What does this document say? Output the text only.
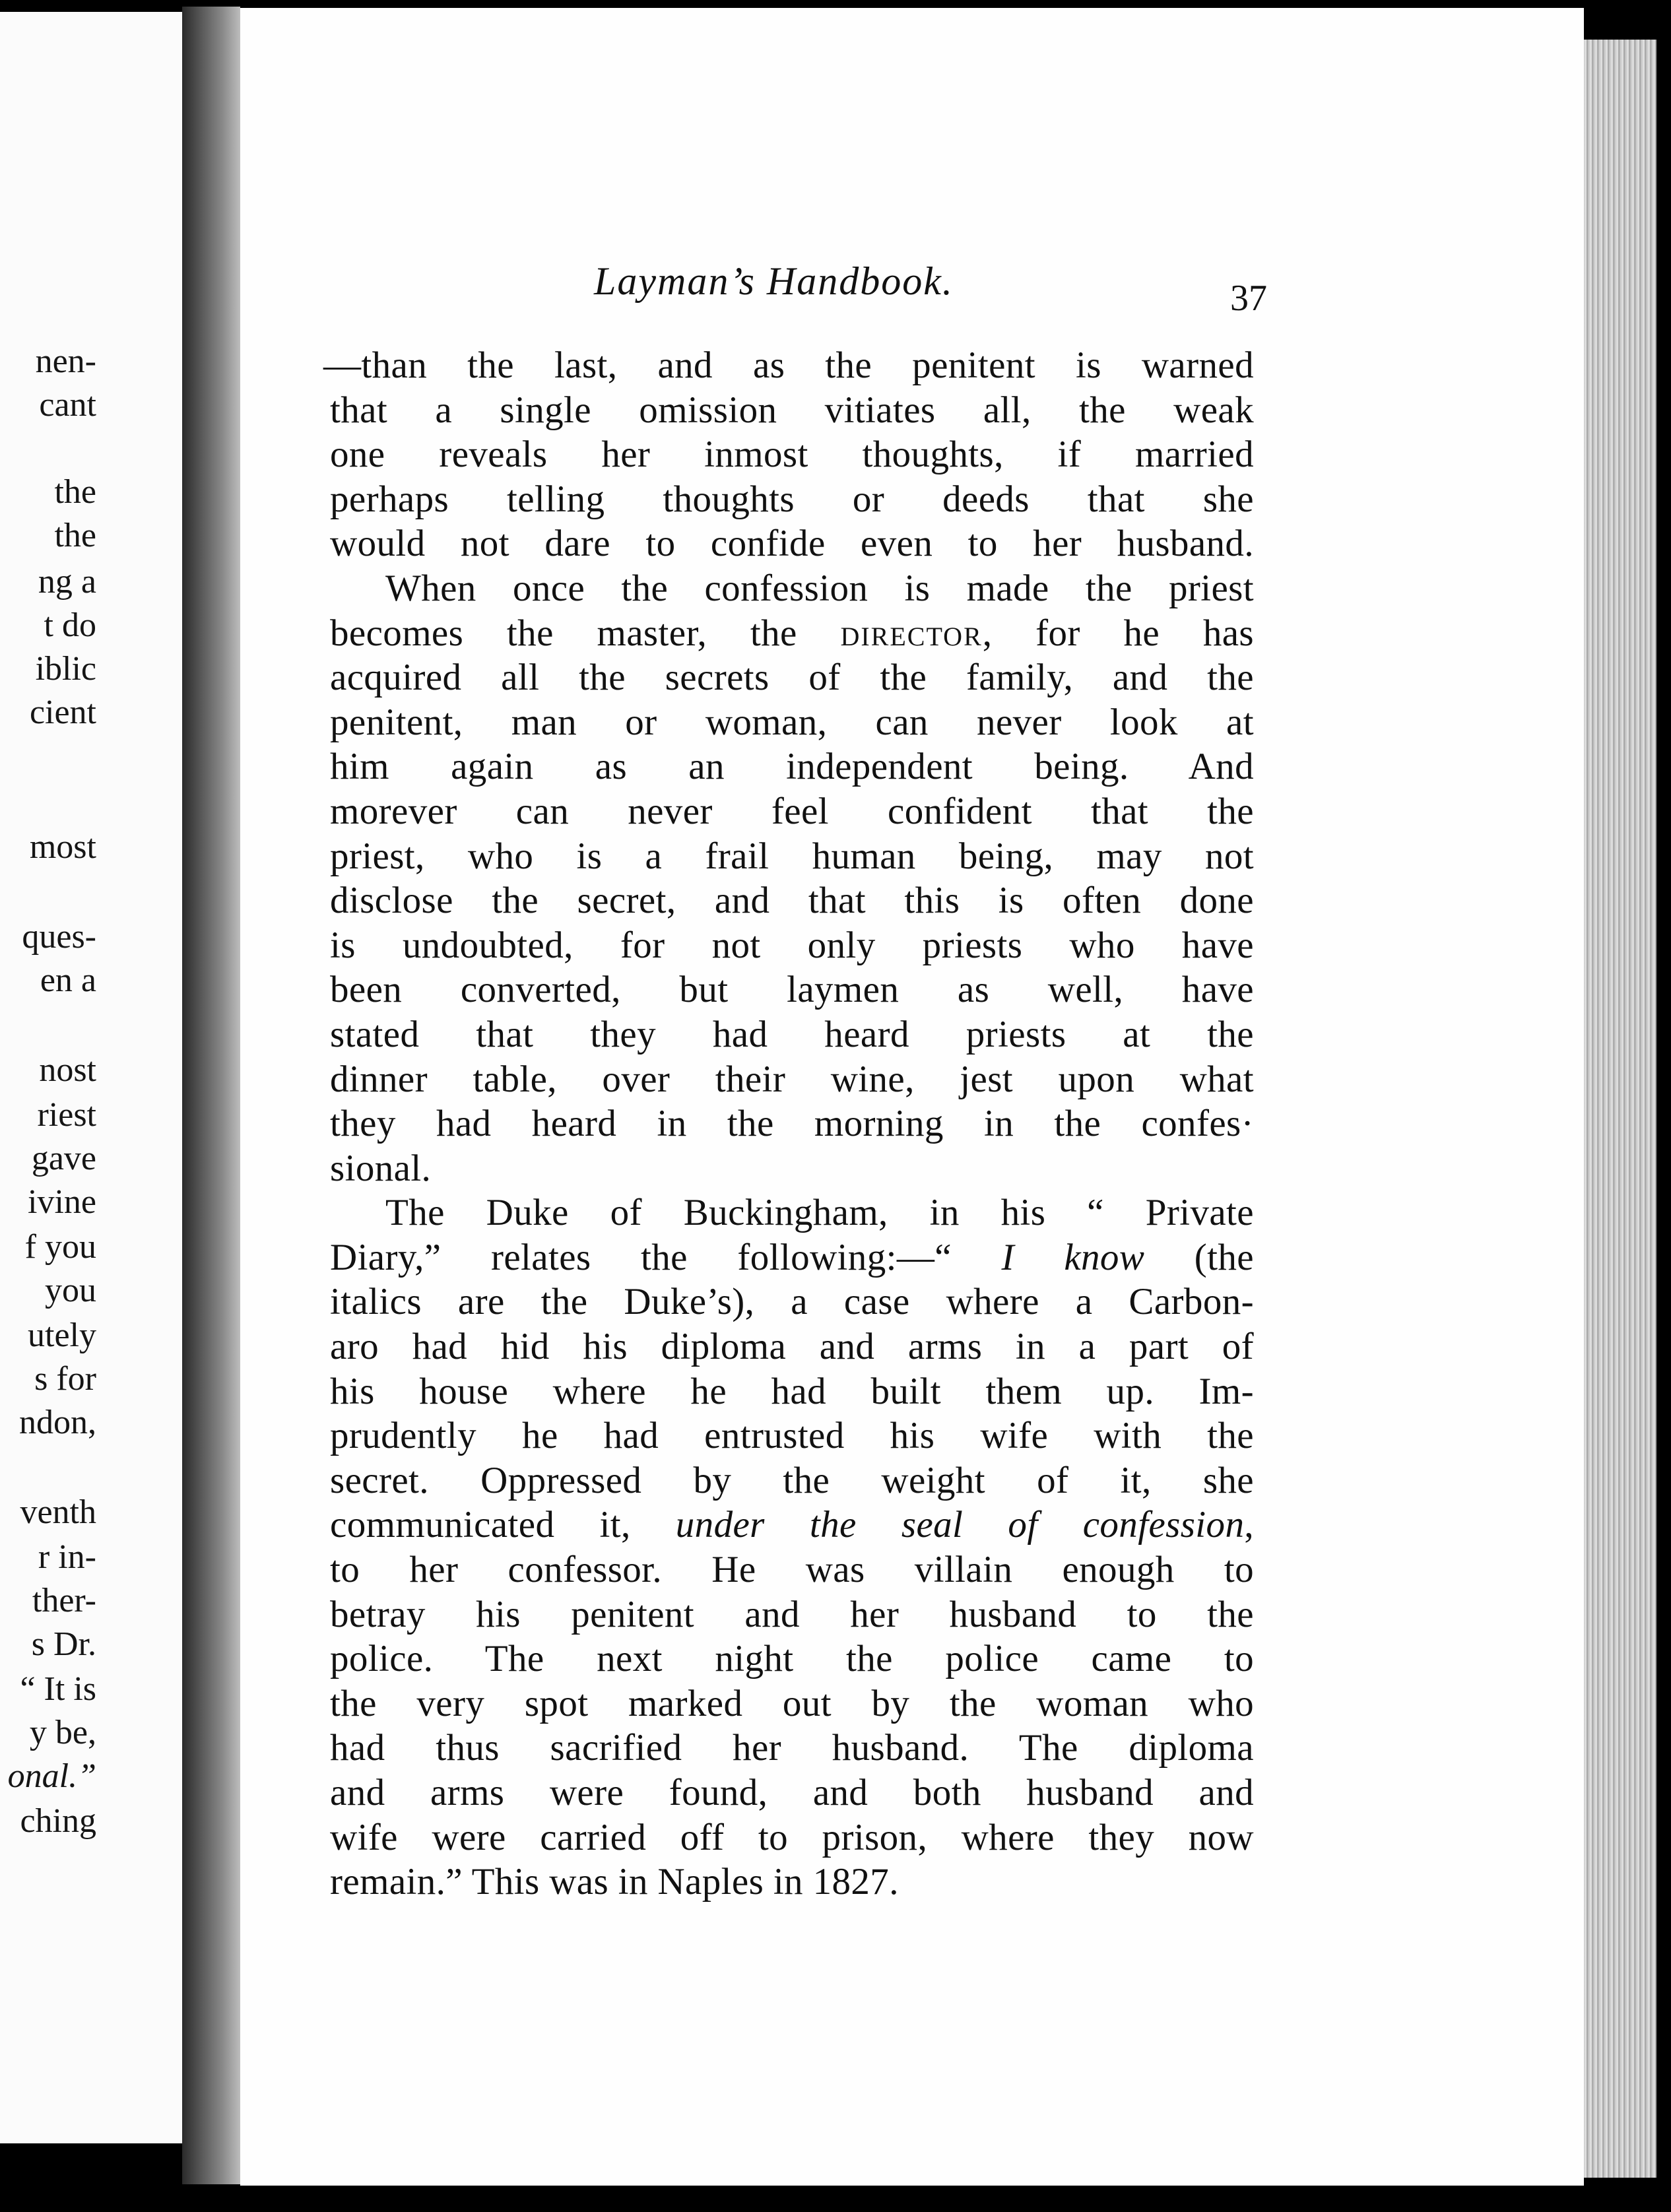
nen-
cant
the
the
ng a
t do
iblic
cient
most
ques-
en a
nost
riest
gave
ivine
f you
you
utely
s for
ndon,
venth
r in-
ther-
s Dr.
“ It is
y be,
onal.”
ching
Layman’s Handbook.	37
—than the last, and as the penitent is warned
that a single omission vitiates all, the weak
one reveals her inmost thoughts, if married
perhaps telling thoughts or deeds that she
would not dare to confide even to her husband.
When once the confession is made the priest
becomes the master, the director, for he has
acquired all the secrets of the family, and the
penitent, man or woman, can never look at
him again as an independent being. And
morever can never feel confident that the
priest, who is a frail human being, may not
disclose the secret, and that this is often done
is undoubted, for not only priests who have
been converted, but laymen as well, have
stated that they had heard priests at the
dinner table, over their wine, jest upon what
they had heard in the morning in the confes·
sional.
The Duke of Buckingham, in his “ Private
Diary,” relates the following:—“ I know (the
italics are the Duke’s), a case where a Carbon-
aro had hid his diploma and arms in a part of
his house where he had built them up. Im-
prudently he had entrusted his wife with the
secret. Oppressed by the weight of it, she
communicated it, under the seal of confession,
to her confessor. He was villain enough to
betray his penitent and her husband to the
police. The next night the police came to
the very spot marked out by the woman who
had thus sacrified her husband. The diploma
and arms were found, and both husband and
wife were carried off to prison, where they now
remain.” This was in Naples in 1827.
